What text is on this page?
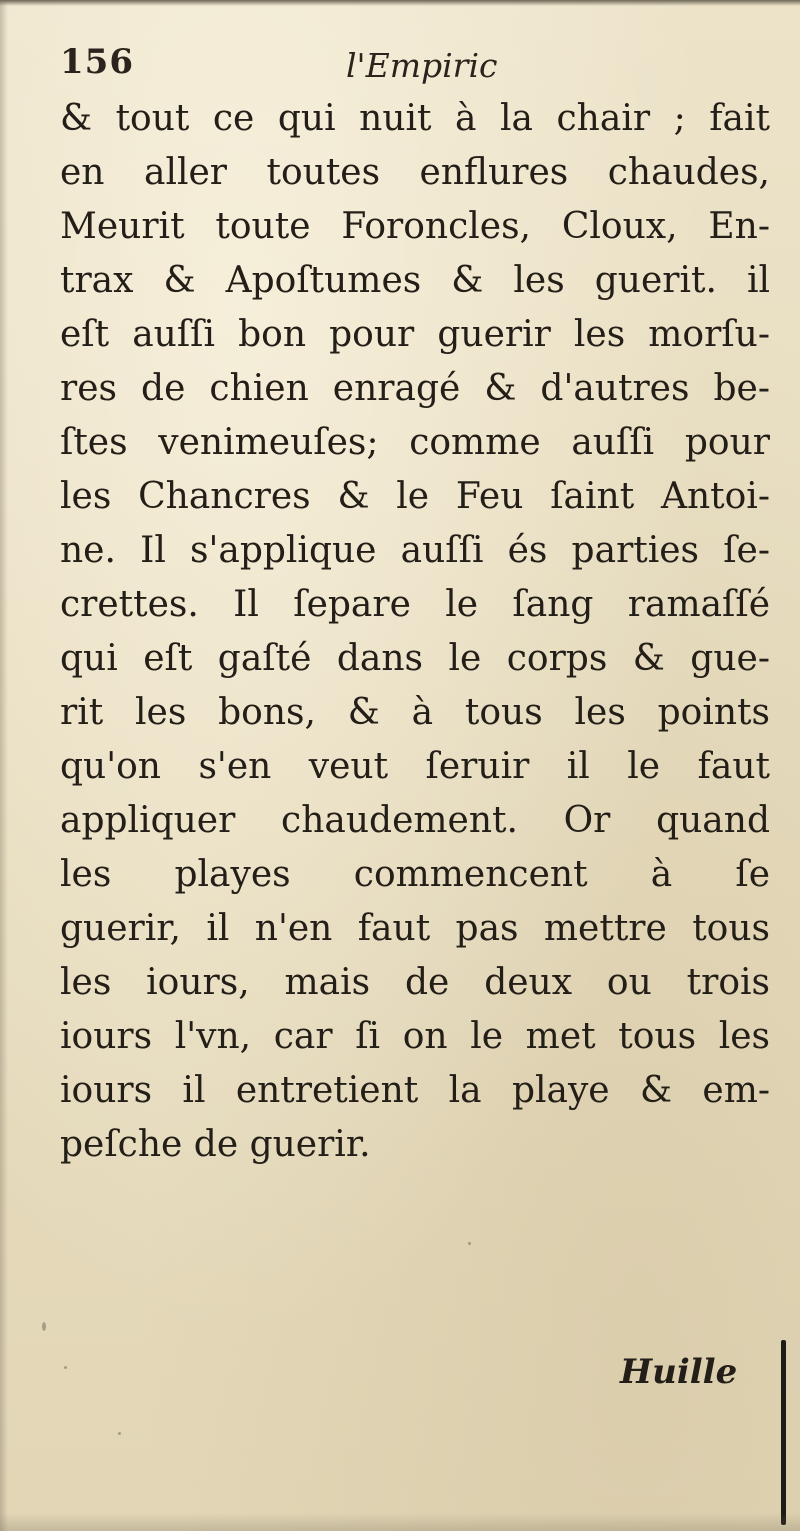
156	l'Empiric
& tout ce qui nuit à la chair ; fait
en aller toutes enflures chaudes,
Meurit toute Foroncles, Cloux, En-
trax & Apoſtumes & les guerit. il
eſt auſſi bon pour guerir les morſu-
res de chien enragé & d'autres be-
ſtes venimeuſes; comme auſſi pour
les Chancres & le Feu ſaint Antoi-
ne. Il s'applique auſſi és parties ſe-
crettes. Il ſepare le ſang ramaſſé
qui eſt gaſté dans le corps & gue-
rit les bons, & à tous les points
qu'on s'en veut ſeruir il le faut
appliquer chaudement. Or quand
les playes commencent à ſe
guerir, il n'en faut pas mettre tous
les iours, mais de deux ou trois
iours l'vn, car ſi on le met tous les
iours il entretient la playe & em-
peſche de guerir.
Huille
